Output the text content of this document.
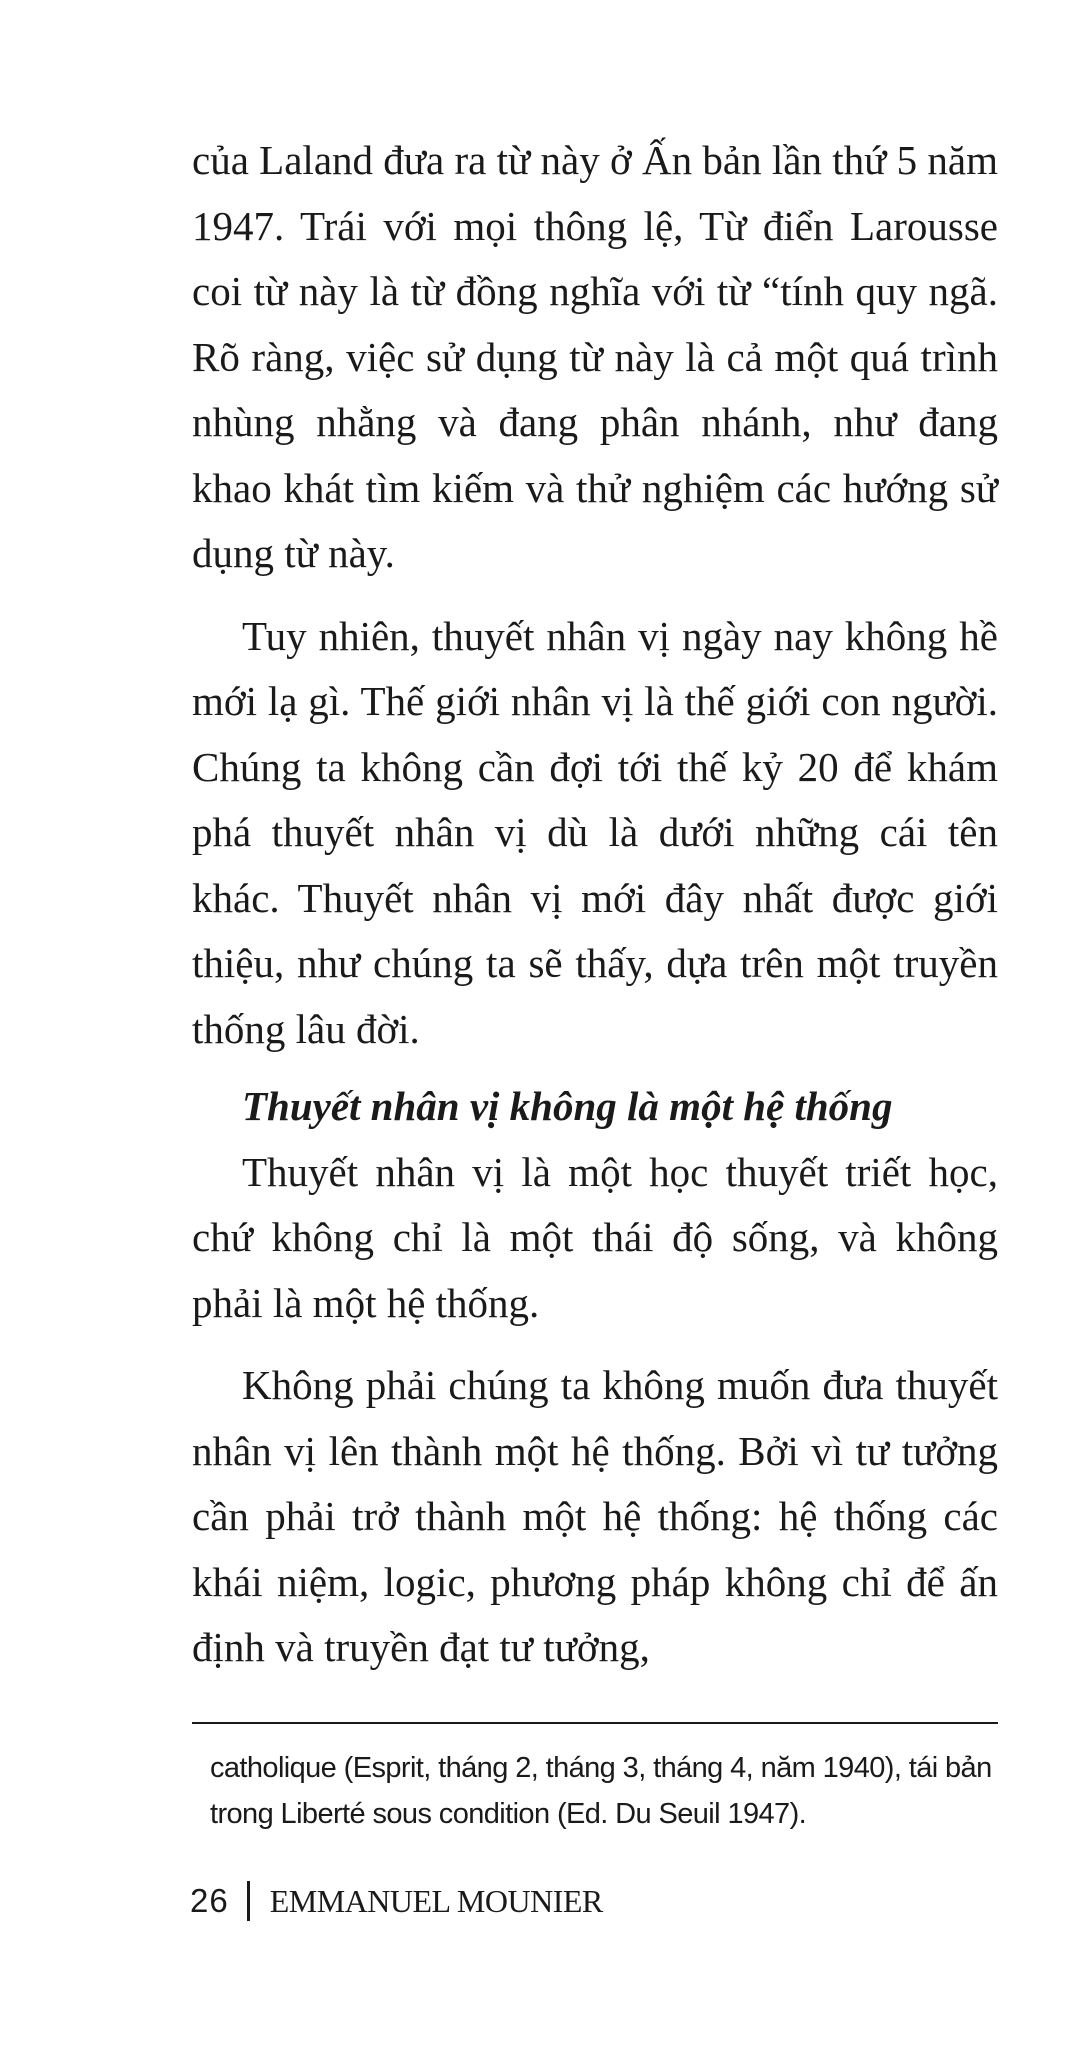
của Laland đưa ra từ này ở Ấn bản lần thứ 5 năm 1947. Trái với mọi thông lệ, Từ điển Larousse coi từ này là từ đồng nghĩa với từ “tính quy ngã. Rõ ràng, việc sử dụng từ này là cả một quá trình nhùng nhằng và đang phân nhánh, như đang khao khát tìm kiếm và thử nghiệm các hướng sử dụng từ này.

Tuy nhiên, thuyết nhân vị ngày nay không hề mới lạ gì. Thế giới nhân vị là thế giới con người. Chúng ta không cần đợi tới thế kỷ 20 để khám phá thuyết nhân vị dù là dưới những cái tên khác. Thuyết nhân vị mới đây nhất được giới thiệu, như chúng ta sẽ thấy, dựa trên một truyền thống lâu đời.

Thuyết nhân vị không là một hệ thống

Thuyết nhân vị là một học thuyết triết học, chứ không chỉ là một thái độ sống, và không phải là một hệ thống.

Không phải chúng ta không muốn đưa thuyết nhân vị lên thành một hệ thống. Bởi vì tư tưởng cần phải trở thành một hệ thống: hệ thống các khái niệm, logic, phương pháp không chỉ để ấn định và truyền đạt tư tưởng,

catholique (Esprit, tháng 2, tháng 3, tháng 4, năm 1940), tái bản trong Liberté sous condition (Ed. Du Seuil 1947).

26 EMMANUEL MOUNIER
